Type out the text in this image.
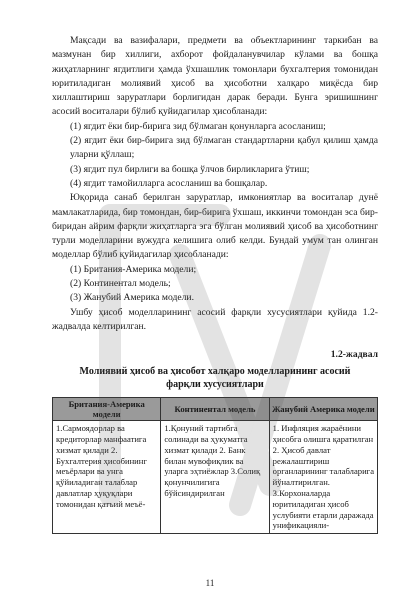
Мақсади ва вазифалари, предмети ва объектларининг таркибан ва мазмунан бир хиллиги, ахборот фойдаланувчилар кўлами ва бошқа жиҳатларнинг ягдитлиги ҳамда ўхшашлик томонлари бухгалтерия томонидан юритиладиган молиявий ҳисоб ва ҳисоботни халқаро миқёсда бир хиллаштириш заруратлари борлигидан дарак беради. Бунга эришишнинг асосий воситалари бўлиб қуйидагилар ҳисобланади:

(1) ягдит ёки бир-бирига зид бўлмаган қонунларга асосланиш;

(2) ягдит ёки бир-бирига зид бўлмаган стандартларни қабул қилиш ҳамда уларни қўллаш;

(3) ягдит пул бирлиги ва бошқа ўлчов бирликларига ўтиш;

(4) ягдит тамойилларга асосланиш ва бошқалар.

Юқорида санаб берилган заруратлар, имкониятлар ва воситалар дунё мамлакатларида, бир томондан, бир-бирига ўхшаш, иккинчи томондан эса бир-биридан айрим фарқли жиҳатларга эга бўлган молиявий ҳисоб ва ҳисоботнинг турли моделларини вужудга келишига олиб келди. Бундай умум тан олинган моделлар бўлиб қуйидагилар ҳисобланади:

(1) Британия-Америка модели;

(2) Континентал модель;

(3) Жанубий Америка модели.

Ушбу ҳисоб моделларининг асосий фарқли хусусиятлари қуйида 1.2-жадвалда келтирилган.

1.2-жадвал
Молиявий ҳисоб ва ҳисобот халқаро моделларининг асосий фарқли хусусиятлари
Британия-Америка модели	Континентал модель	Жанубий Америка модели
1.Сармоядорлар ва кредиторлар манфаатига хизмат қилади 2. Бухгалтерия ҳисобининг меъёрлари ва унга қўйиладиган талаблар давлатлар ҳуқуқлари томонидан қатъий меъё-	1.Қонуний тартибга солинади ва ҳукуматга хизмат қилади 2. Банк билан мувофиқлик ва уларга эҳтиёжлар 3.Солиқ қонунчилигига бўйсиндирилган	1. Инфляция жараёнини ҳисобга олишга қаратилган 2. Ҳисоб давлат режалаштириш органларининг талабларига йўналтирилган. 3.Корхоналарда юритиладиган ҳисоб услубияти етарли даражада унификацияли-
11
